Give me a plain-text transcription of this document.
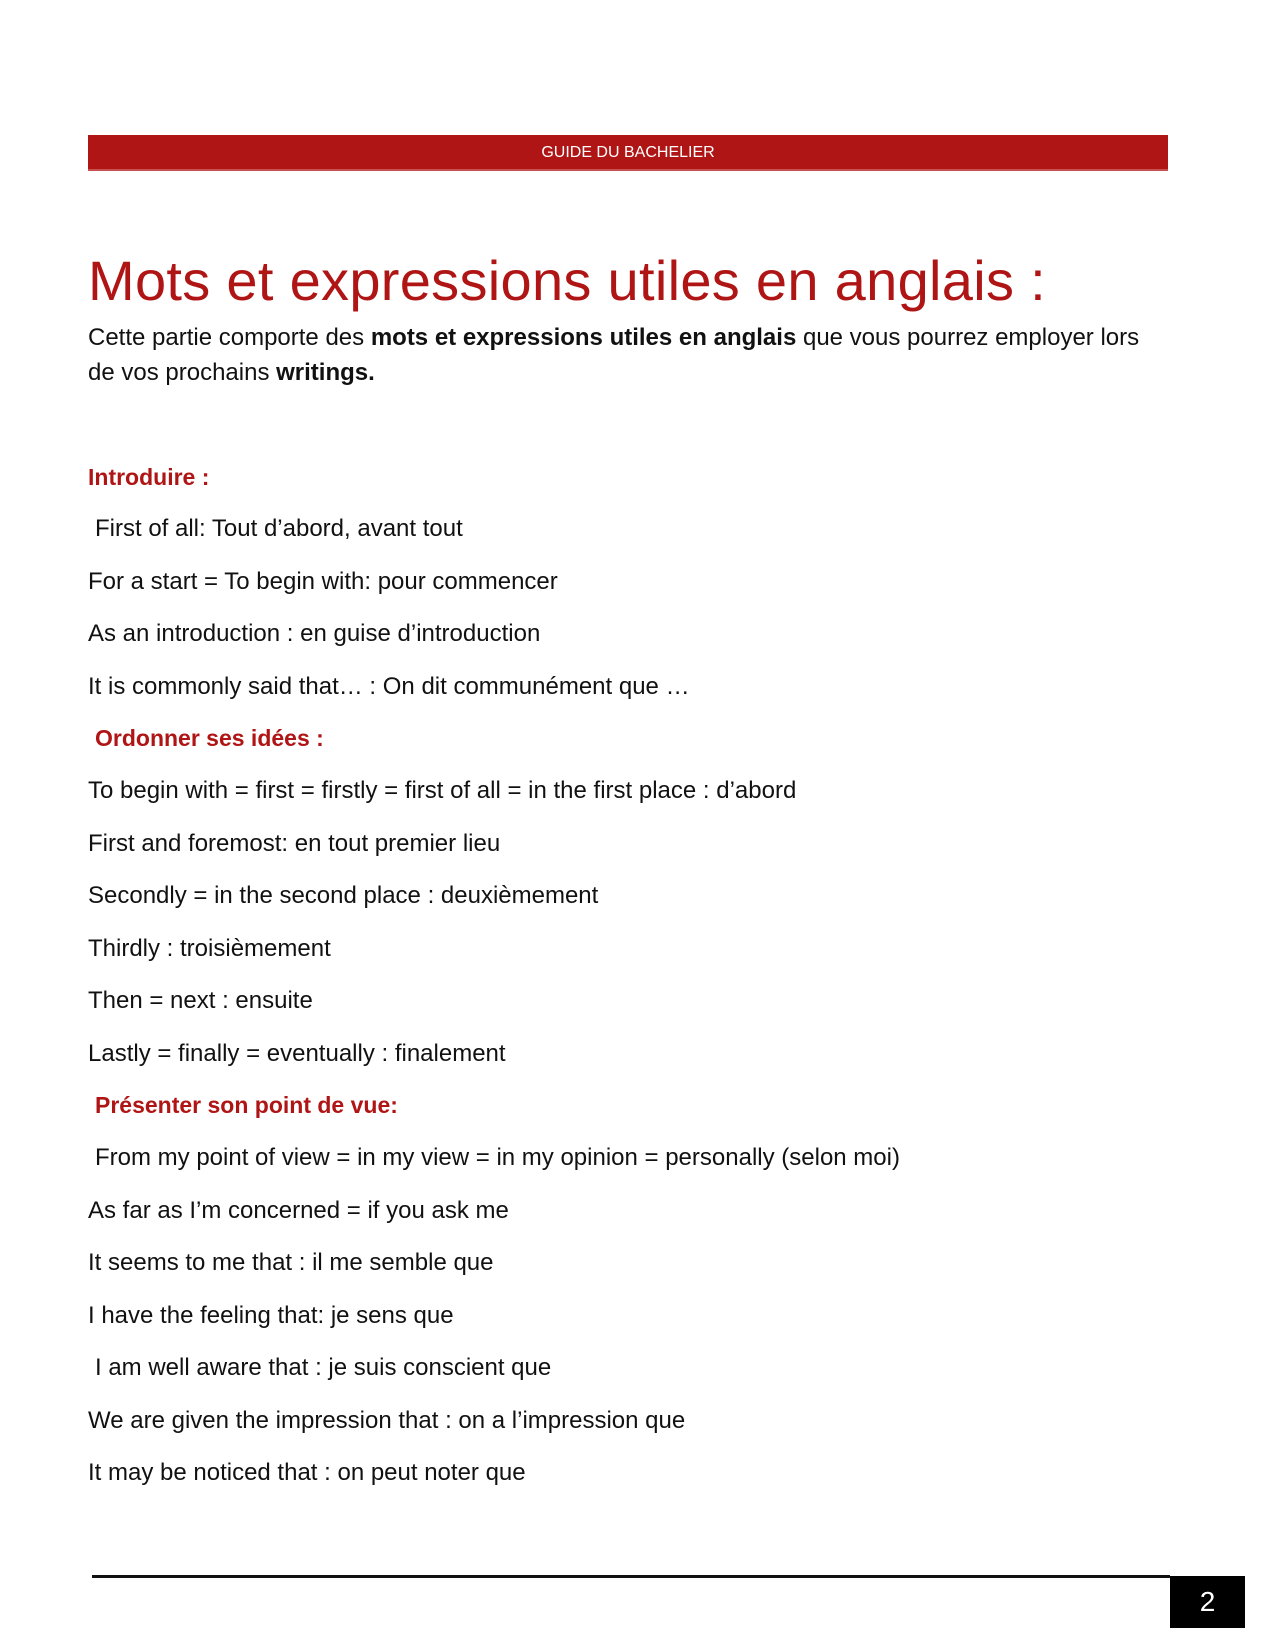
GUIDE DU BACHELIER
Mots et expressions utiles en anglais :
Cette partie comporte des mots et expressions utiles en anglais que vous pourrez employer lors de vos prochains writings.
Introduire :
First of all: Tout d’abord, avant tout
For a start = To begin with: pour commencer
As an introduction : en guise d’introduction
It is commonly said that… : On dit communément que …
Ordonner ses idées :
To begin with = first = firstly = first of all = in the first place : d’abord
First and foremost: en tout premier lieu
Secondly = in the second place : deuxièmement
Thirdly : troisièmement
Then = next : ensuite
Lastly = finally = eventually : finalement
Présenter son point de vue:
From my point of view = in my view = in my opinion = personally (selon moi)
As far as I’m concerned = if you ask me
It seems to me that : il me semble que
I have the feeling that: je sens que
I am well aware that : je suis conscient que
We are given the impression that : on a l’impression que
It may be noticed that : on peut noter que
2
